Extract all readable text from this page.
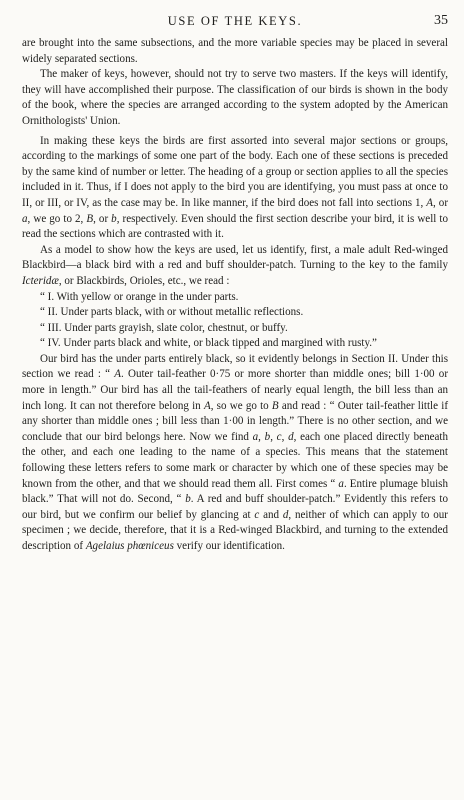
USE OF THE KEYS.	35

are brought into the same subsections, and the more variable species may be placed in several widely separated sections.

The maker of keys, however, should not try to serve two masters. If the keys will identify, they will have accomplished their purpose. The classification of our birds is shown in the body of the book, where the species are arranged according to the system adopted by the American Ornithologists' Union.

In making these keys the birds are first assorted into several major sections or groups, according to the markings of some one part of the body. Each one of these sections is preceded by the same kind of number or letter. The heading of a group or section applies to all the species included in it. Thus, if I does not apply to the bird you are identifying, you must pass at once to II, or III, or IV, as the case may be. In like manner, if the bird does not fall into sections 1, A, or a, we go to 2, B, or b, respectively. Even should the first section describe your bird, it is well to read the sections which are contrasted with it.

As a model to show how the keys are used, let us identify, first, a male adult Red-winged Blackbird—a black bird with a red and buff shoulder-patch. Turning to the key to the family Icteridæ, or Blackbirds, Orioles, etc., we read :

“ I. With yellow or orange in the under parts.

“ II. Under parts black, with or without metallic reflections.

“ III. Under parts grayish, slate color, chestnut, or buffy.

“ IV. Under parts black and white, or black tipped and margined with rusty.”

Our bird has the under parts entirely black, so it evidently belongs in Section II. Under this section we read : “ A. Outer tail-feather 0·75 or more shorter than middle ones; bill 1·00 or more in length.” Our bird has all the tail-feathers of nearly equal length, the bill less than an inch long. It can not therefore belong in A, so we go to B and read : “ Outer tail-feather little if any shorter than middle ones ; bill less than 1·00 in length.” There is no other section, and we conclude that our bird belongs here. Now we find a, b, c, d, each one placed directly beneath the other, and each one leading to the name of a species. This means that the statement following these letters refers to some mark or character by which one of these species may be known from the other, and that we should read them all. First comes “ a. Entire plumage bluish black.” That will not do. Second, “ b. A red and buff shoulder-patch.” Evidently this refers to our bird, but we confirm our belief by glancing at c and d, neither of which can apply to our specimen ; we decide, therefore, that it is a Red-winged Blackbird, and turning to the extended description of Agelaius phœniceus verify our identification.
